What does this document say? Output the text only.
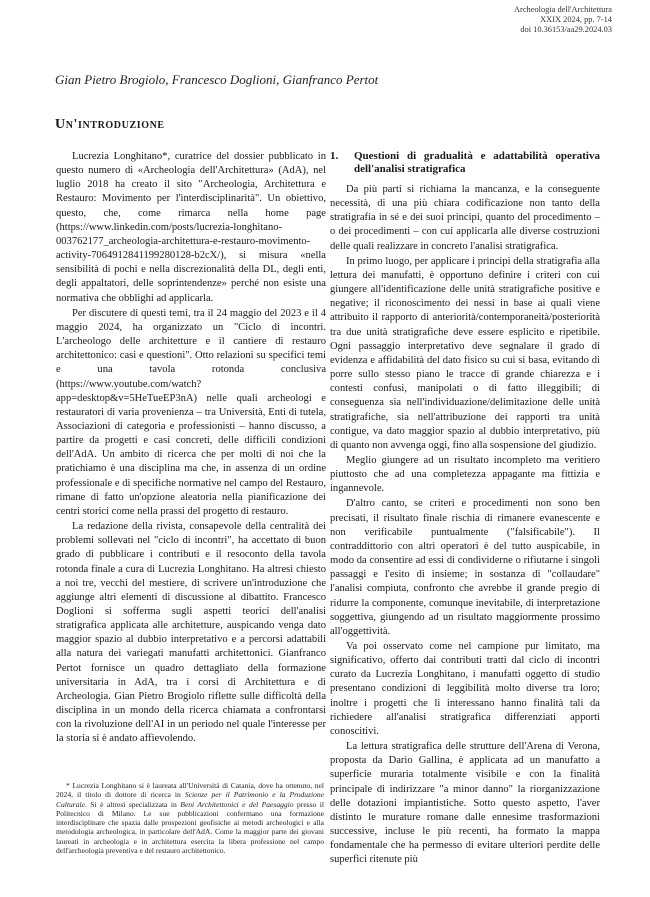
Archeologia dell'Architettura
XXIX 2024, pp. 7-14
doi 10.36153/aa29.2024.03
Gian Pietro Brogiolo, Francesco Doglioni, Gianfranco Pertot
Un'introduzione

Lucrezia Longhitano*, curatrice del dossier pubblicato in questo numero di «Archeologia dell'Architettura» (AdA), nel luglio 2018 ha creato il sito "Archeologia, Architettura e Restauro: Movimento per l'interdisciplinarità". Un obiettivo, questo, che, come rimarca nella home page (https://www.linkedin.com/posts/lucrezia-longhitano-003762177_archeologia-architettura-e-restauro-movimento-activity-7064912841199280128-b2cX/), si misura «nella sensibilità di pochi e nella discrezionalità della DL, degli enti, degli appaltatori, delle soprintendenze» perché non esiste una normativa che obblighi ad applicarla.

Per discutere di questi temi, tra il 24 maggio del 2023 e il 4 maggio 2024, ha organizzato un "Ciclo di incontri. L'archeologo delle architetture e il cantiere di restauro architettonico: casi e questioni". Otto relazioni su specifici temi e una tavola rotonda conclusiva (https://www.youtube.com/watch?app=desktop&v=5HeTueEP3nA) nelle quali archeologi e restauratori di varia provenienza – tra Università, Enti di tutela, Associazioni di categoria e professionisti – hanno discusso, a partire da progetti e casi concreti, delle difficili condizioni dell'AdA. Un ambito di ricerca che per molti di noi che la pratichiamo è una disciplina ma che, in assenza di un ordine professionale e di specifiche normative nel campo del Restauro, rimane di fatto un'opzione aleatoria nella pianificazione dei centri storici come nella prassi del progetto di restauro.

La redazione della rivista, consapevole della centralità dei problemi sollevati nel "ciclo di incontri", ha accettato di buon grado di pubblicare i contributi e il resoconto della tavola rotonda finale a cura di Lucrezia Longhitano. Ha altresì chiesto a noi tre, vecchi del mestiere, di scrivere un'introduzione che aggiunge altri elementi di discussione al dibattito. Francesco Doglioni si sofferma sugli aspetti teorici dell'analisi stratigrafica applicata alle architetture, auspicando venga dato maggior spazio al dubbio interpretativo e a percorsi adattabili alla natura dei variegati manufatti architettonici. Gianfranco Pertot fornisce un quadro dettagliato della formazione universitaria in AdA, tra i corsi di Architettura e di Archeologia. Gian Pietro Brogiolo riflette sulle difficoltà della disciplina in un mondo della ricerca chiamata a confrontarsi con la rivoluzione dell'AI in un periodo nel quale l'interesse per la storia si è andato affievolendo.

1.	Questioni di gradualità e adattabilità operativa dell'analisi stratigrafica

Da più parti si richiama la mancanza, e la conseguente necessità, di una più chiara codificazione non tanto della stratigrafia in sé e dei suoi principi, quanto del procedimento – o dei procedimenti – con cui applicarla alle diverse costruzioni delle quali realizzare in concreto l'analisi stratigrafica.

In primo luogo, per applicare i principi della stratigrafia alla lettura dei manufatti, è opportuno definire i criteri con cui giungere all'identificazione delle unità stratigrafiche positive e negative; il riconoscimento dei nessi in base ai quali viene attribuito il rapporto di anteriorità/contemporaneità/posteriorità tra due unità stratigrafiche deve essere esplicito e ripetibile. Ogni passaggio interpretativo deve segnalare il grado di evidenza e affidabilità del dato fisico su cui si basa, evitando di porre sullo stesso piano le tracce di grande chiarezza e i contesti confusi, manipolati o di fatto illeggibili; di conseguenza sia nell'individuazione/delimitazione delle unità stratigrafiche, sia nell'attribuzione dei rapporti tra unità contigue, va dato maggior spazio al dubbio interpretativo, più di quanto non avvenga oggi, fino alla sospensione del giudizio.

Meglio giungere ad un risultato incompleto ma veritiero piuttosto che ad una completezza appagante ma fittizia e ingannevole.

D'altro canto, se criteri e procedimenti non sono ben precisati, il risultato finale rischia di rimanere evanescente e non verificabile puntualmente ("falsificabile"). Il contraddittorio con altri operatori è del tutto auspicabile, in modo da consentire ad essi di condividerne o rifiutarne i singoli passaggi e l'esito di insieme; in sostanza di "collaudare" l'analisi compiuta, confronto che avrebbe il grande pregio di ridurre la componente, comunque inevitabile, di interpretazione soggettiva, giungendo ad un risultato maggiormente prossimo all'oggettività.

Va poi osservato come nel campione pur limitato, ma significativo, offerto dai contributi tratti dal ciclo di incontri curato da Lucrezia Longhitano, i manufatti oggetto di studio presentano condizioni di leggibilità molto diverse tra loro; inoltre i progetti che li interessano hanno finalità tali da richiedere all'analisi stratigrafica differenziati apporti conoscitivi.

La lettura stratigrafica delle strutture dell'Arena di Verona, proposta da Dario Gallina, è applicata ad un manufatto a superficie muraria totalmente visibile e con la finalità principale di indirizzare "a minor danno" la riorganizzazione delle dotazioni impiantistiche. Sotto questo aspetto, l'aver distinto le murature romane dalle ennesime trasformazioni successive, incluse le più recenti, ha formato la mappa fondamentale che ha permesso di evitare ulteriori perdite delle superfici ritenute più

* Lucrezia Longhitano si è laureata all'Università di Catania, dove ha ottenuto, nel 2024, il titolo di dottore di ricerca in Scienze per il Patrimonio e la Produzione Culturale. Si è altresì specializzata in Beni Architettonici e del Paesaggio presso il Politecnico di Milano. Le sue pubblicazioni confermano una formazione interdisciplinare che spazia dalle prospezioni geofisiche ai metodi archeologici e alla metodologia archeologica, in particolare dell'AdA. Come la maggior parte dei giovani laureati in archeologia e in architettura esercita la libera professione nel campo dell'archeologia preventiva e del restauro architettonico.
